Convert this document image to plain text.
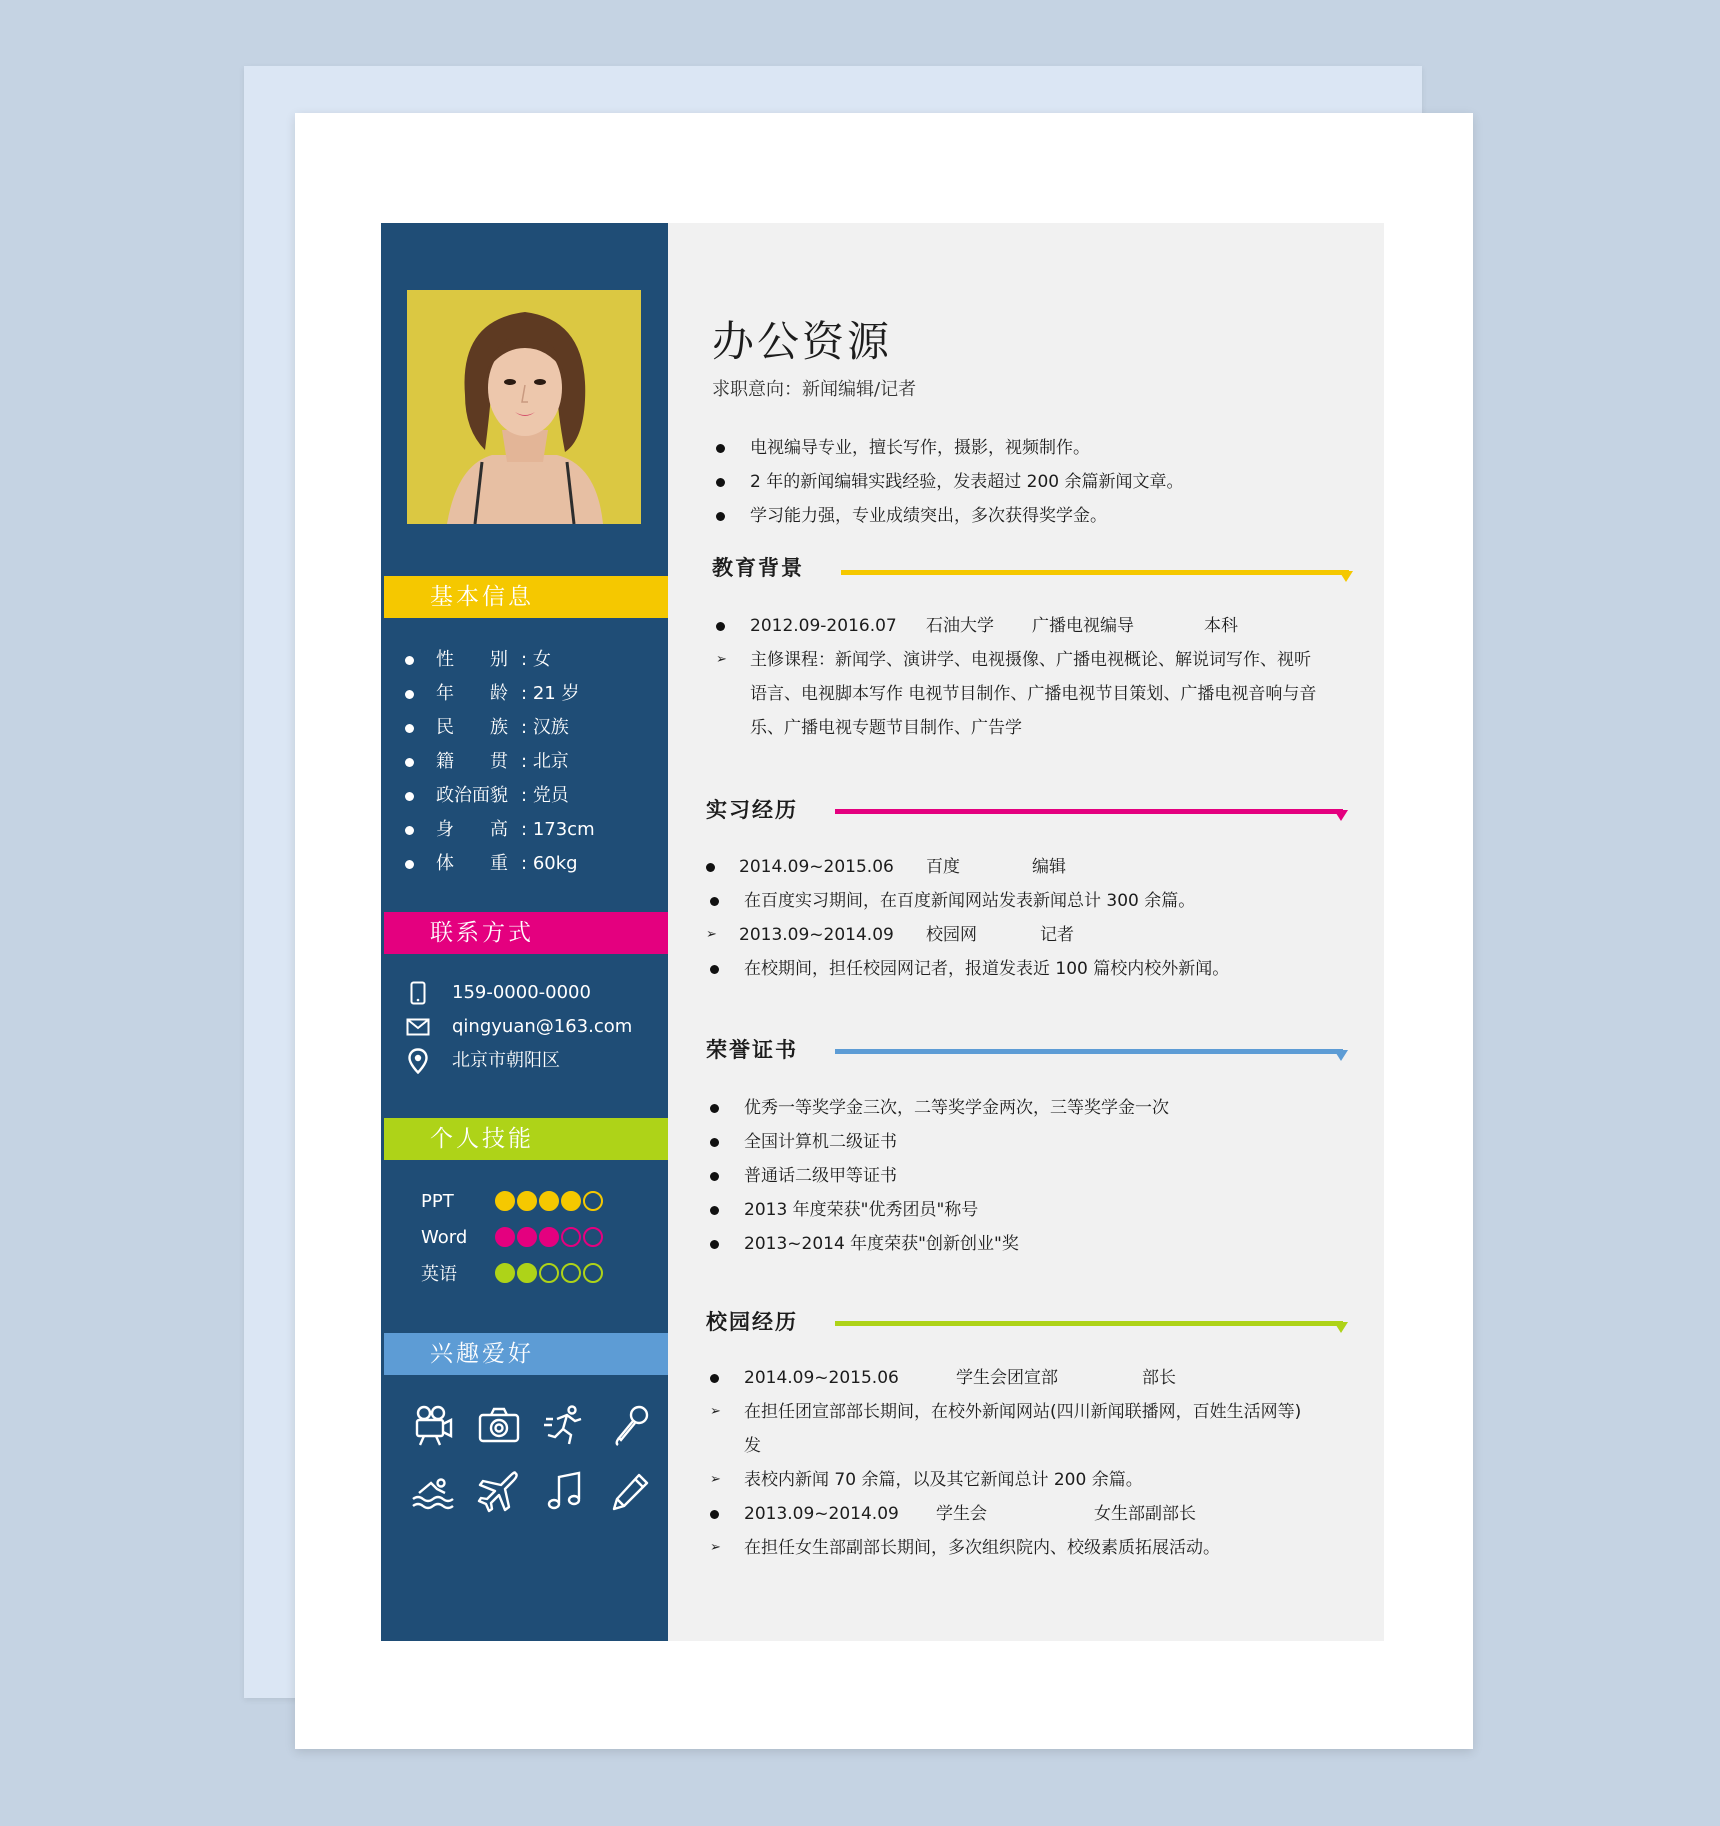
基本信息
性别 : 女
年龄 : 21 岁
民族 : 汉族
籍贯 : 北京
政治面貌 : 党员
身高 : 173cm
体重 : 60kg
联系方式
159-0000-0000
qingyuan@163.com
北京市朝阳区
个人技能
PPT
Word
英语
兴趣爱好
办公资源
求职意向：新闻编辑/记者
电视编导专业，擅长写作，摄影，视频制作。
2 年的新闻编辑实践经验，发表超过 200 余篇新闻文章。
学习能力强，专业成绩突出，多次获得奖学金。
教育背景
2012.09-2016.07 石油大学 广播电视编导	本科
➢ 主修课程：新闻学、演讲学、电视摄像、广播电视概论、解说词写作、视听
语言、电视脚本写作 电视节目制作、广播电视节目策划、广播电视音响与音
乐、广播电视专题节目制作、广告学
实习经历
2014.09~2015.06 百度	编辑
在百度实习期间，在百度新闻网站发表新闻总计 300 余篇。
➢ 2013.09~2014.09 校园网	记者
在校期间，担任校园网记者，报道发表近 100 篇校内校外新闻。
荣誉证书
优秀一等奖学金三次，二等奖学金两次，三等奖学金一次
全国计算机二级证书
普通话二级甲等证书
2013 年度荣获"优秀团员"称号
2013~2014 年度荣获"创新创业"奖
校园经历
2014.09~2015.06	学生会团宣部	部长
➢ 在担任团宣部部长期间，在校外新闻网站(四川新闻联播网，百姓生活网等)
发
➢ 表校内新闻 70 余篇，以及其它新闻总计 200 余篇。
2013.09~2014.09 学生会	女生部副部长
➢ 在担任女生部副部长期间，多次组织院内、校级素质拓展活动。
